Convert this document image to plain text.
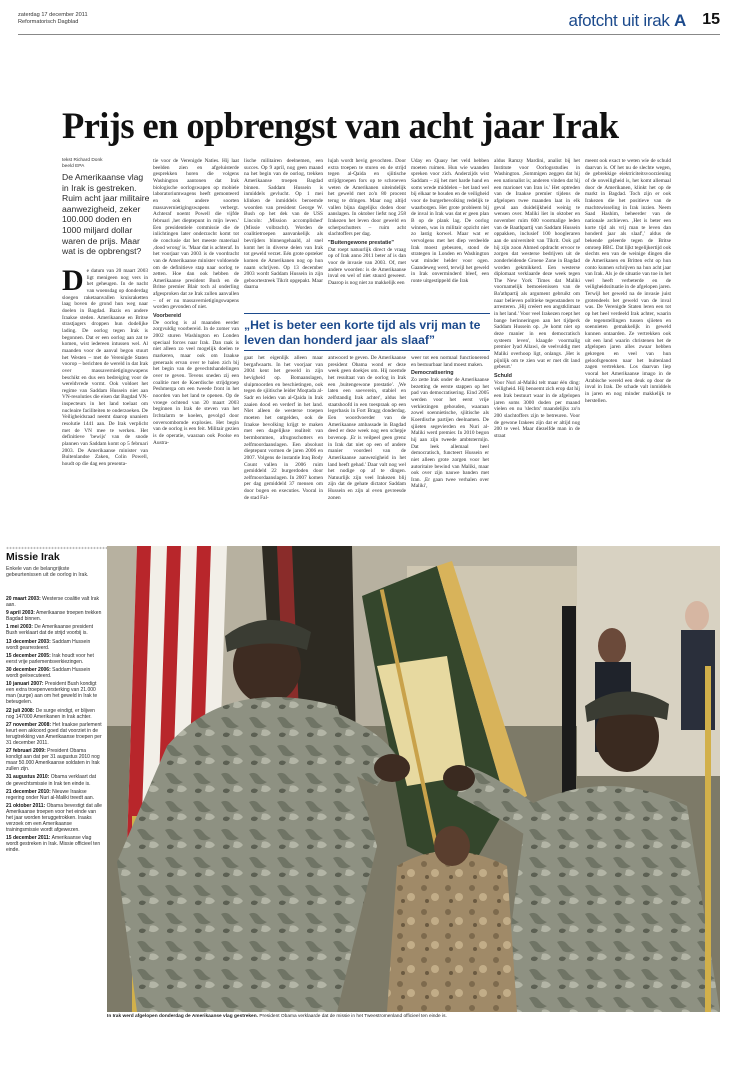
zaterdag 17 december 2011
Reformatorisch Dagblad	afotcht uit irak A 15
Prijs en opbrengst van acht jaar Irak
tekst Richard Donk
beeld EPA
De Amerikaanse vlag in Irak is gestreken. Ruim acht jaar militaire aanwezigheid, zeker 100.000 doden en 1000 miljard dollar waren de prijs. Maar wat is de opbrengst?
De datum van 20 maart 2003 ligt menigeen nog vers in het geheugen. In de nacht van woensdag op donderdag sloegen raketaanvallen kruisraketten laag boven de grond hun weg naar doelen in Bagdad. Bazis en andere Iraakse steden. Amerikaanse en Britse strastjagers droppen hun dodelijke lading. De oorlog tegen Irak is begonnen. Dat er een oorlog aan zat te komen, wist iedereen intussen wel. Al maanden voor de aanval begon stuurt het Westen – met de Verenigde Staten voorop – berichten de wereld in dat Irak over massavernietigingswapens beschikt en dus een bedreiging voor de wereldvrede vormt. Ook voldoet het regime van Saddam Hussein niet aan VN-resoluties die eisen dat Bagdad VN-inspecteurs in het land toelaat om nucleaire faciliteiten te onderzoeken. De Veiligheidsraad neemt daarop unaniem resolutie 1441 aan. De Irak verplicht met de VN mee te werken. Het definitieve 'bewijs' van de snode plannen van Saddam komt op 5 februari 2003. De Amerikaanse minister van Buitenlandse Zaken, Colin Powell, houdt op die dag een presenta-
tie voor de Verenigde Naties. Hij laat beelden zien en afgeluisterde gesprekken horen die volgens Washington aantonen dat Irak biologische oorlogswapen op mobiele laboratoriumwagens heeft gemonteerd en ook andere soorten massavernietigingswapens verbergt. Achteraf noemt Powell die vijfde februari ,het dieptepunt in mijn leven.' Een presidentiele commissie die de inlichtingen later onderzocht komt tot de conclusie dat het meeste materiaal ,dood wrong' is. 'Maar dat is achteraf. In het voorjaar van 2003 is de voordracht van de Amerikaanse minister voldoende om de definitieve stap naar oorlog te zetten. Hoe dan ook hebben de Amerikaanse president Bush en de Britse premier Blair toch al onderling afgesproken dat ze Irak zullen aanvallen – of er nu massavernietigingswapens worden gevonden of niet.
Voorbereid
De oorlog is al maanden eerder zorgvuldig voorbereid. In de zomer van 2002 sturen Washington en Londen speciaal forces naar Irak. Dan raak is niet alleen zo veel mogelijk doelen te markeren, maar ook om Iraakse generaals ervan over te halen zich bij het begin van de gevechtshandelingen over te geven. Tevens sneden zij een coalitie met de Koerdische strijdgroep Peshmerga om een tweede front in het noorden van het land te openen. Op de vroege ochtend van 20 maart 2003 beginnen in Irak de steven van het Irchtalarm te koelen, gevolgd door ooversombomde explosies. Het begin van de oorlog is een feit. Militair gezien is de operatie, waaraan ook Poolse en Austra-
lische militairen deelnemen, een succes. Op 9 april, nog geen maand na het begin van de oorlog, trekken Amerikaanse troepen Bagdad binnen. Saddam Hussein is inmiddels gevlucht. Op 1 mei klinken de inmiddels beroemde woorden van president George W. Bush op het dek van de USS Lincoln: ,Mission accomplished' (Missie volbracht). Worden de coalitietroepen aanvankelijk als bevrijders binnengehaald, al snel komt het in diverse delen van Irak tot geweld verzet. Eén grote opsteker komen de Amerikanen nog op hun naam schrijven. Op 13 december 2003 wordt Saddam Hussein in zijn geboortestreek Tikrit opgepakt. Maar daarna
lujah wordt hevig gevochten. Door extra troepen te sturen en de strijd tegen al-Qaida en sjiitische strijdgroepen fors op te schroeven weten de Amerikanen uiteindelijk het geweld met zo'n 80 procent terug te dringen. Maar nog altijd vallen bijna dagelijks doden door aanslagen. In oktober liefst nog 258 Irakezen het leven door geweld en scherpschutters – ruim acht slachtoffers per dag.
"Buitengewone prestatie"
Dat roept natuurlijk direct de vraag op of Irak anno 2011 beter af is dan voor de invasie van 2003. Of, met andere woorden: is de Amerikaanse inval en wel of niet stuurd geweest. Daarop is nog niet zo makkelijk een
Uday en Quasy het veld hebben moeten ruimen. Hun wie waanden spreken voor zich. Anderzijds wist Saddam – zij het met harde hand en soms wrede middelen – het land wel bij elkaar te houden en de veiligheid voor de burgerbevolking redelijk te waarborgen. Het grote probleem bij de inval in Irak was dat er geen plan B op de plank lag. De oorlog winnen, was in militair opzicht niet zo lastig korwel. Maar wat er vervolgens met het diep verdeelde Irak moest gebeuren, stond de strategen in Londen en Washington wat minder helder voor ogen. Gaandeweg werd, terwijl het geweld in Irak onverminderd bleef, een ronte uitgestippeld die Irak
„Het is beter een korte tijd als vrij man te leven dan honderd jaar als slaaf”
gaat het eigenlijk alleen maar bergafwaarts. In het voorjaar van 2004 kent het geweld in zijn hevigheid op. Bomaanslagen, sluipmoorden en beschietingen, ook tegen de sjiitische leider Moqtada al-Sadr en leiden van al-Qaida in Irak zaaien dood en verderf in het land. Niet alleen de westerse troepen moeten het ontgelden, ook de Iraakse bevolking krijgt te maken met een dagelijkse realiteit van bermbommen, afrugnschotters en zelfmoordaanslagen. Een absoluut dieptepunt vormen de jaren 2006 en 2007. Volgens de instantie Iraq Body Count vallen in 2006 ruim gemiddeld 22 burgerdoden door zelfmoordaanslagen. In 2007 komen per dag gemiddeld 37 mensen om door bogen en executies. Vooral in de stad Fal-
antwoord te geven. De Amerikaanse president Obama wond er deze week geen doekjes om. Hij noemde het resultaat van de oorlog in Irak een ,buitengewone prestatie'. ,We laten een soeverein, stabiel en zelfstandig Irak achter', aldus het staatshoofd in een toespraak op een legerbasis in Fort Bragg donderdag. Een woordvoerder van de Amerikaanse ambassade in Bagdad deed er deze week nog een schepje bovenop. ,Er is veilpeel geen grenz in Irak dat niet op een of andere manier voordeel van de Amerikaanse aanwezigheid in het land heeft gehad.' Daar valt nog wel het nodige op af te dingen. Natuurlijk zijn veel Irakezen blij zijn dat de gehate dictator Saddam Hussein en zijn al even gevreesde zonen
weer tot een normaal functionerend en bestuurbaar land moest maken.
Democratisering
Zo zette Irak onder de Amerikaanse bezetting de eerste stappen op het pad van democratisering. Eind 2005 werden voor het eerst vrije verkiezingen gehouden, waaraan zowel soennietische, sjiitische als Koerdische partijen deelnamen. De sjiieten segevierden en Nuri al-Maliki werd premier. In 2010 begon hij aan zijn tweede ambtstermijn. Dat leek allemaal heel democratisch, functeert Hussein er niet alleen grote zorgen voor het autoritaire bewind van Maliki, maar ook over zijn nauwe banden met Iran. ,Er gaan twee verhalen over Maliki',
aldus Ramzy Mardini, analist bij het Institute voor Oorlogsstudies in Washington. ,Sommigen zeggen dat hij een nationalist is; anderen vinden dat hij een marionet van Iran is.' Het optreden van de Iraakse premier tijdens de afgelopen twee maanden laat in elk geval aan duidelijkheid weinig te wensen over. Maliki liet in oktober en november ruim 600 voormalige leden van de Baathpartij van Saddam Hussein oppakken, inclusief 100 hoogleraren aan de universiteit van Tikrit. Ook gaf hij zijn zoon Ahmed opdracht ervoor te zorgen dat westerse bedrijven uit de zonderleidende Groene Zone in Bagdad worden gekmikkerd. Een westerse diplomaat verklaarde deze week tegen The New York Times dat Maliki voornamelijk bemoeienissen van de Ba'athpartij als argument gebruikt om naar believen politieke tegenstanders te arresteren. ,Hij creëert een angstklimaat in het land.' Voor veel Irakezen roept het bange herinneringen aan het tijdperk Saddam Hussein op. ,Je komt niet op deze manier in een democratisch systeem leven', klaagde voormalig premier Iyad Allawi, de veelvuldig met Maliki overhoop ligt, onlangs. ,Het is pijnlijk om te zien wat er met dit land gebeurt.'
Schuld
Voor Nuri al-Maliki telt maar één ding: veiligheid. Hij benoemt zich erop dat hij een Irak bestuurt waar in de afgelopen jaren soms 3000 doden per maand vielen en nu 'slechts' maandelijks zo'n 200 slachtoffers zijn te betreuren. Voor de gewone Irakees zijn dat er altijd nog 200 te veel. Maar diezelfde man in de straat
meent ook exact te weten wie de schuld daarvan is. Of het nu de slechte wegen, de gebrekkige elektriciteitsvoorziening of de onveiligheid is, het komt allemaal door de Amerikanen, klinkt het op de markt in Bagdad. Toch zijn er ook Irakezen die het positieve van de machtswisseling in Irak inzien. Neem Saad Hashim, beheerder van de nationale archieven. ,Het is beter een korte tijd als vrij man te leven dan honderd jaar als slaaf',' aldus de bekende geleerde tegen de Britse omroep BBC. Dat lijkt tegelijkertijd ook slechts een van de weinige dingen die de Amerikanen en Britten echt op hun conto kunnen schrijven na hun acht jaar van Irak. Als je de situatie van toe in het veel heeft verbeterde en de veiligheidssituatie in de afgelopen jaren. Terwijl het geweld na de invasie juist grotendeels het geweld van de inval was. De Verenigde Staten leren een tot op het heel verdeeld Irak achter, waarin de tegenstellingen tussen sjiieten en soennieten gemakkelijk in geweld kunnen ontaarden. Ze vertrekken ook uit een land waarin christenen het de afgelopen jaren alles zwaar hebben gekregen en veel van hun geloofsgenoten naar het buitenland zagen vertrekken. Los daarvan liep vooral het Amerikaanse imago in de Arabische wereld een deuk op door de inval in Irak. De schade valt inmiddels in jaren en nog minder makkelijk te herstellen.
Missie Irak
Enkele van de belangrijkste gebeurtenissen uit de oorlog in Irak.
20 maart 2003: Westerse coalitie valt Irak aan.
9 april 2003: Amerikaanse troepen trekken Bagdad binnen.
1 mei 2003: De Amerikaanse president Bush verklaart dat de strijd voorbij is.
13 december 2003: Saddam Hussein wordt gearresteerd.
15 december 2005: Irak houdt voor het eerst vrije parlementsverkiezingen.
30 december 2006: Saddam Hussein wordt geëxecuteerd.
10 januari 2007: President Bush kondigt een extra troepenversterking van 21.000 man (surge) aan om het geweld in Irak te beteugelen.
22 juli 2008: De surge eindigt, er blijven nog 147000 Amerikanen in Irak achter.
27 november 2008: Het Iraakse parlement keurt een akkoord goed dat voorziet in de terugtrekking van Amerikaanse troepen per 31 december 2011.
27 februari 2009: President Obama kondigt aan dat per 31 augustus 2010 nog maar 50.000 Amerikaanse soldaten in Irak zullen zijn.
31 augustus 2010: Obama verklaart dat de gevechtsmissie in Irak ten einde is.
21 december 2010: Nieuwe Iraakse regering onder Nuri al-Maliki treedt aan.
21 oktober 2011: Obama bevestigt dat alle Amerikaanse troepen voor het einde van het jaar worden teruggetrokken. Iraaks verzoek om een Amerikaanse trainingsmissie wordt afgewezen.
15 december 2011: Amerikaanse vlag wordt gestreken in Irak. Missie officieel ten einde.
In Irak werd afgelopen donderdag de Amerikaanse vlag gestreken. President Obama verklaarde dat de missie in het Tweestromenland officieel ten einde is.
